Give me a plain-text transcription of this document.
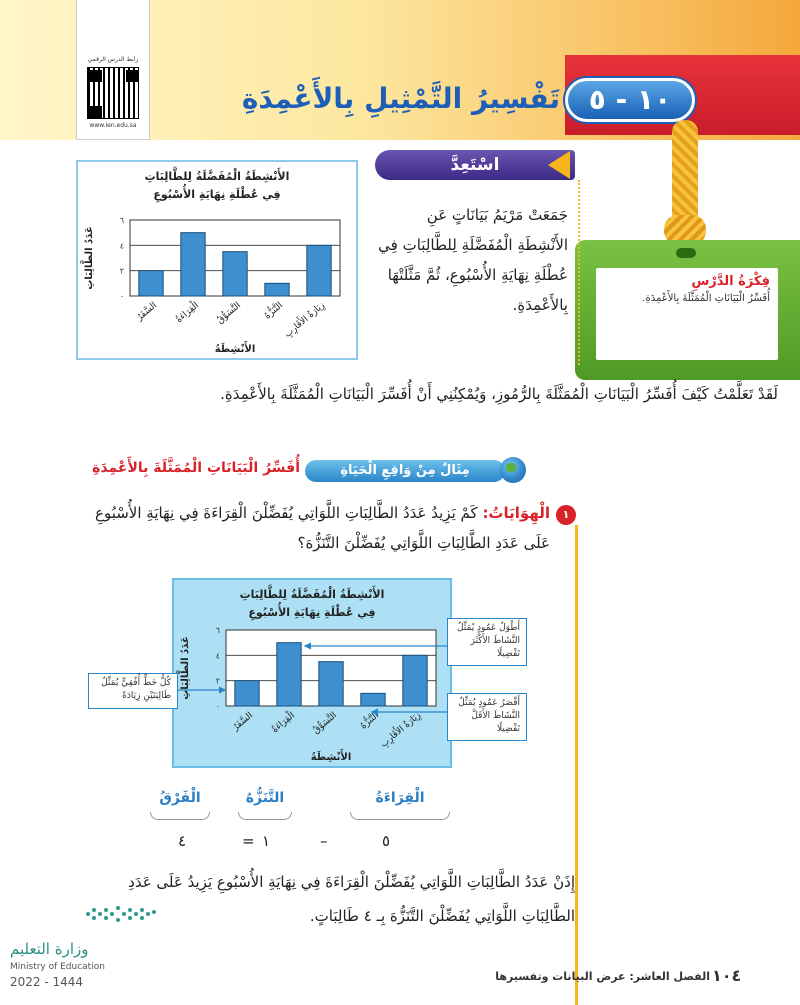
رابط الدرس الرقمي
www.ien.edu.sa
١٠ - ٥
تَفْسِيرُ التَّمْثِيلِ بِالأَعْمِدَةِ
فِكْرَةُ الدَّرْسِ
أُفَسِّرُ الْبَيَانَاتِ الْمُمَثَّلَةَ بِالأَعْمِدَةِ.
اسْتَعِدَّ
جَمَعَتْ مَرْيَمُ بَيَانَاتٍ عَنِ الأَنْشِطَةِ الْمُفَضَّلَةِ لِلطَّالِبَاتِ فِي عُطْلَةِ نِهَايَةِ الأُسْبُوعِ، ثُمَّ مَثَّلَتْهَا بِالأَعْمِدَةِ.
الأَنْشِطَةُ الْمُفَضَّلَةُ لِلطَّالِبَاتِ
فِي عُطْلَةِ نِهَايَةِ الأُسْبُوعِ
٠
٢
٤
٦
السَّفَرُ الْقِرَاءَةُ التَّسَوُّقُ التَّنَزُّهُ
زِيَارَةُ الأَقَارِبِ
الأَنْشِطَةُ
عَدَدُ الطَّالِبَاتِ
لَقَدْ تَعَلَّمْتُ كَيْفَ أُفَسِّرُ الْبَيَانَاتِ الْمُمَثَّلَةَ بِالرُّمُوزِ، وَيُمْكِنُنِي أَنْ أُفَسِّرَ الْبَيَانَاتِ الْمُمَثَّلَةَ بِالأَعْمِدَةِ.
مِثَالٌ مِنْ وَاقِعِ الْحَيَاةِ
أُفَسِّرُ الْبَيَانَاتِ الْمُمَثَّلَةَ بِالأَعْمِدَةِ
١
الْهِوَايَاتُ: كَمْ يَزِيدُ عَدَدُ الطَّالِبَاتِ اللَّوَاتِي يُفَضِّلْنَ الْقِرَاءَةَ فِي نِهَايَةِ الأُسْبُوعِ عَلَى عَدَدِ الطَّالِبَاتِ اللَّوَاتِي يُفَضِّلْنَ التَّنَزُّهَ؟
الأَنْشِطَةُ الْمُفَضَّلَةُ لِلطَّالِبَاتِ
فِي عُطْلَةِ نِهَايَةِ الأُسْبُوعِ
٠
٢
٤
٦
السَّفَرُ الْقِرَاءَةُ التَّسَوُّقُ التَّنَزُّهُ
زِيَارَةُ الأَقَارِبِ
الأَنْشِطَةُ
عَدَدُ الطَّالِبَاتِ
أَطْوَلُ عَمُودٍ يُمَثِّلُ النَّشَاطَ الأَكْثَرَ تَفْضِيلًا
أَقْصَرُ عَمُودٍ يُمَثِّلُ النَّشَاطَ الأَقَلَّ تَفْضِيلًا
كُلُّ خَطٍّ أُفُقِيٍّ يُمَثِّلُ طَالِبَتَيْنِ زِيَادَةً
الْقِرَاءَةُ
التَّنَزُّهُ
الْفَرْقُ
٥
–
١
=
٤
إِذَنْ عَدَدُ الطَّالِبَاتِ اللَّوَاتِي يُفَضِّلْنَ الْقِرَاءَةَ فِي نِهَايَةِ الأُسْبُوعِ يَزِيدُ عَلَى عَدَدِ الطَّالِبَاتِ اللَّوَاتِي يُفَضِّلْنَ التَّنَزُّهَ بِـ ٤ طَالِبَاتٍ.
وزارة التعليم
Ministry of Education
2022 - 1444	الفصل العاشر: عرض البيانات وتفسيرها ١٠٤
